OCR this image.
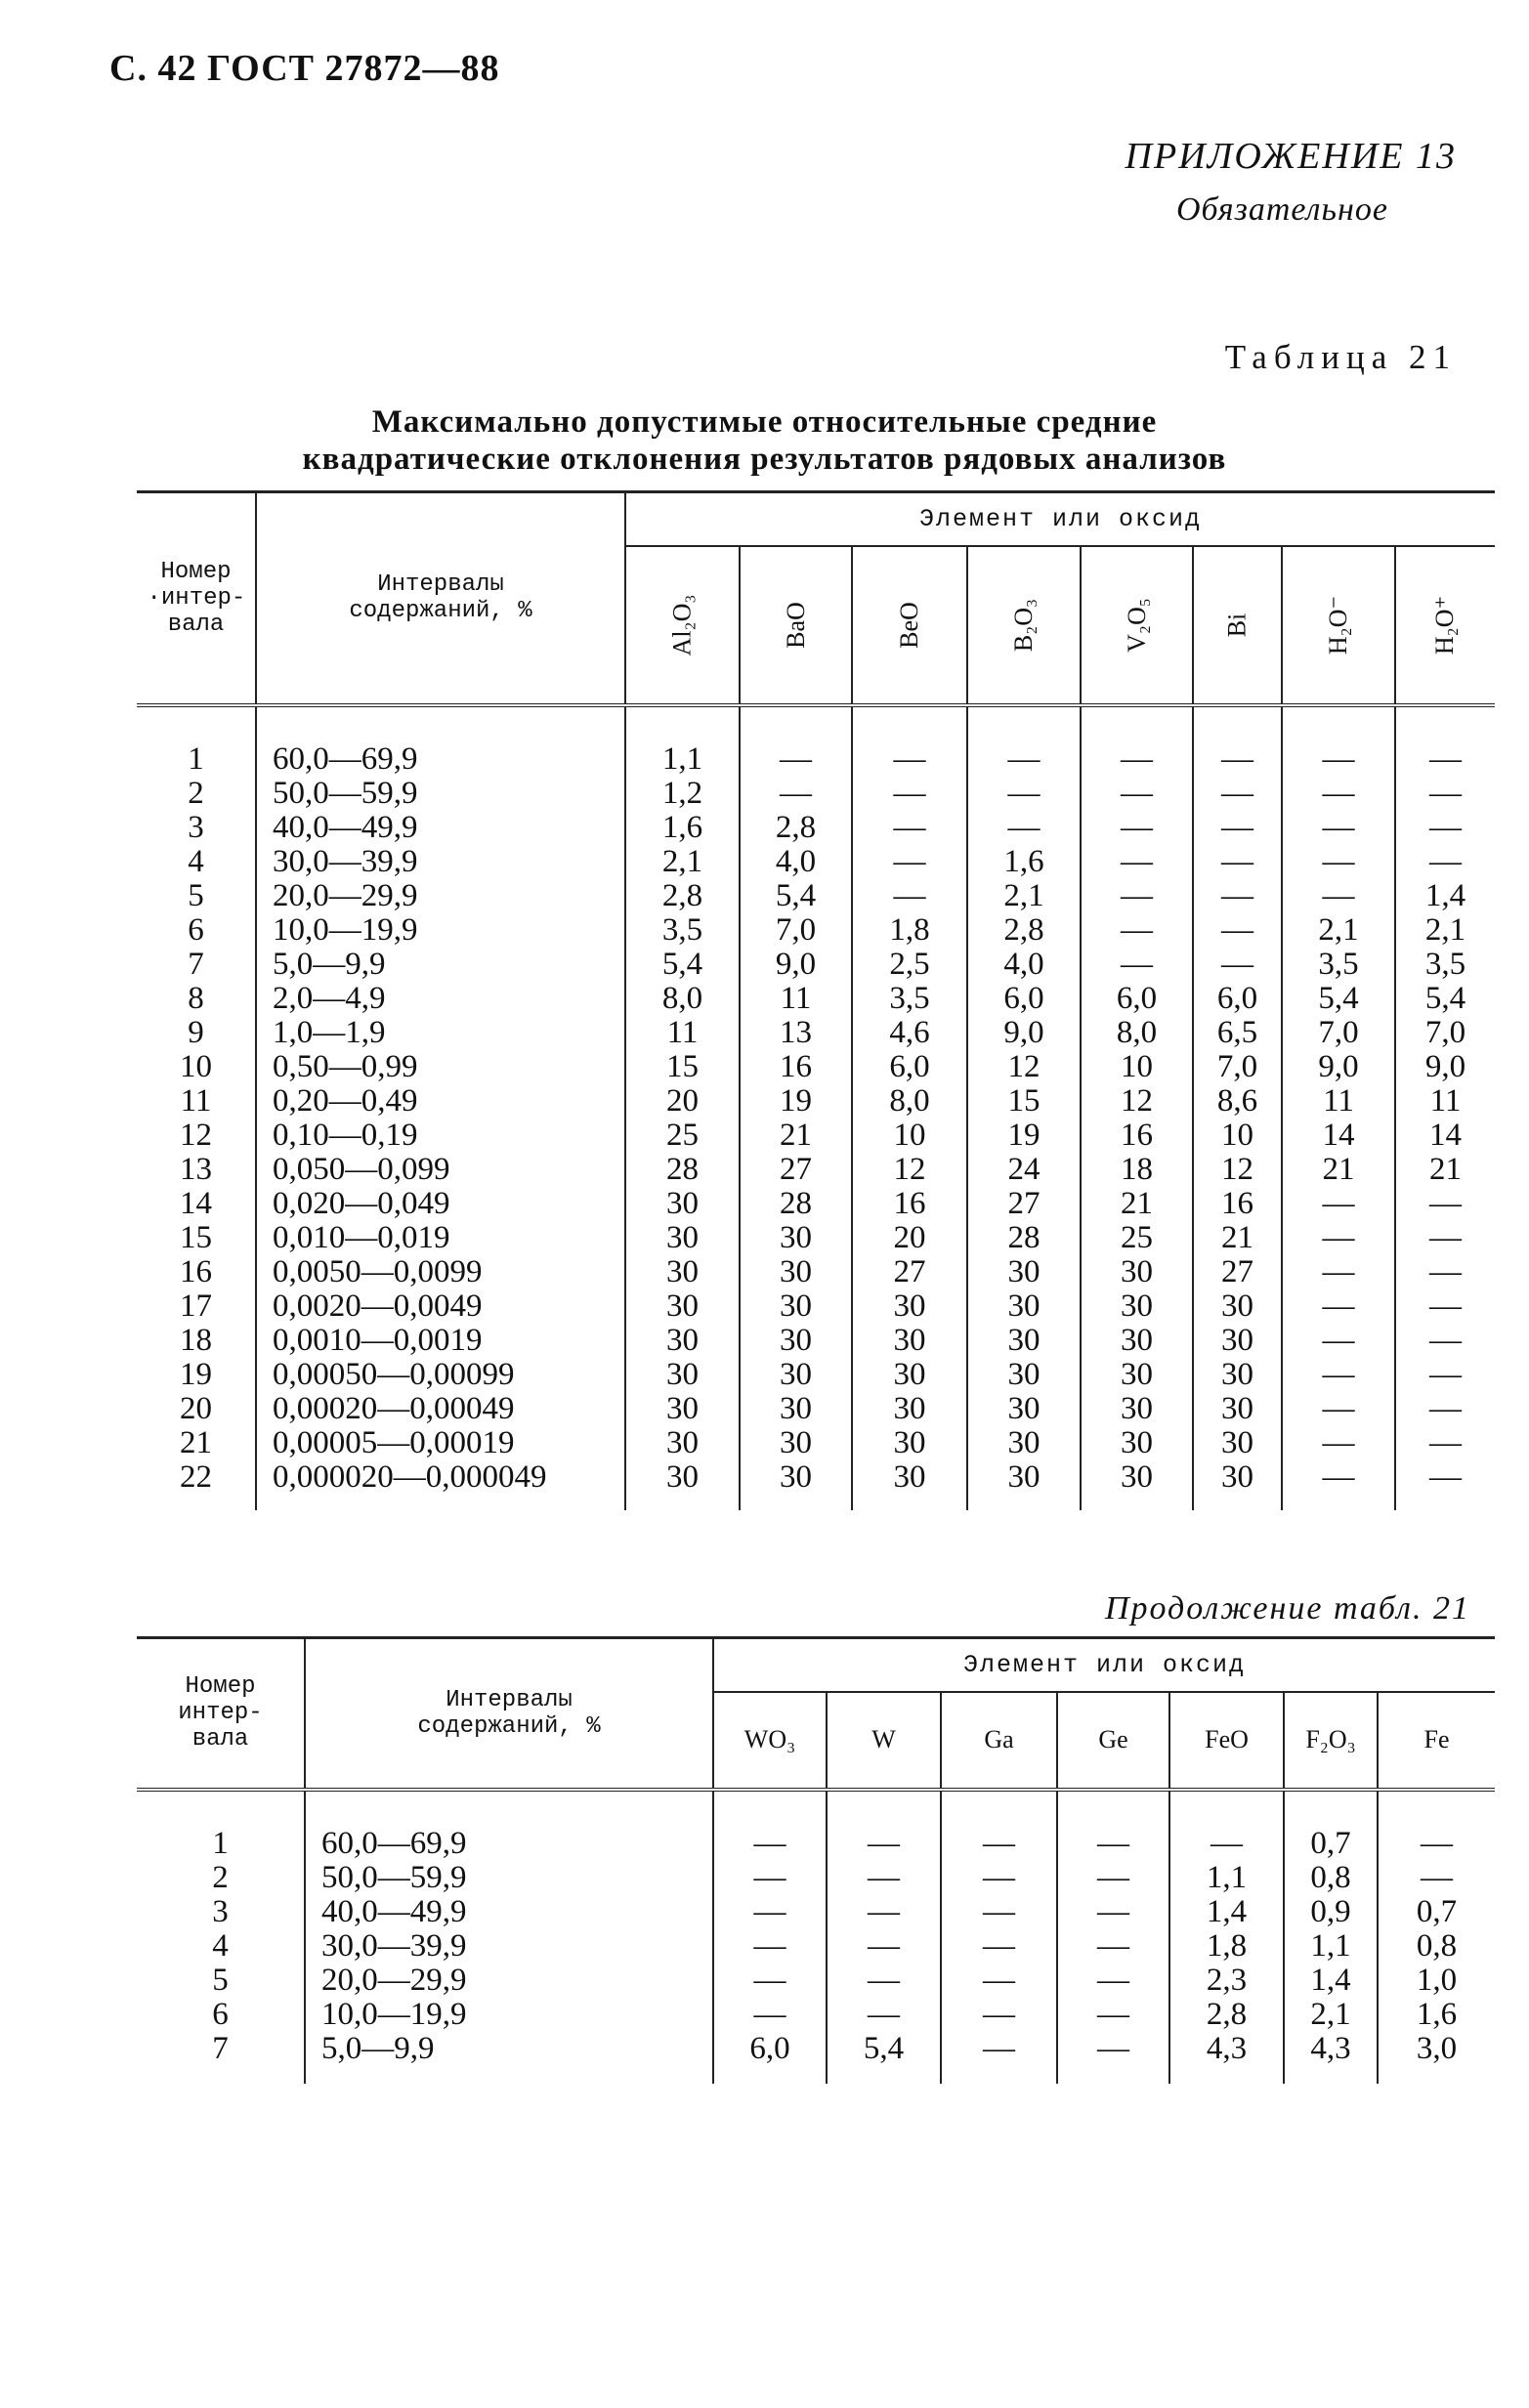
С. 42 ГОСТ 27872—88
ПРИЛОЖЕНИЕ 13
Обязательное
Таблица 21
Максимально допустимые относительные средние
квадратические отклонения результатов рядовых анализов
Номер ·интер- вала	Интервалы содержаний, %	Элемент или оксид							
		Al₂O₃	BaO	BeO	B₂O₃	V₂O₅	Bi	H₂O⁻	H₂O⁺
1	60,0—69,9	1,1	—	—	—	—	—	—	—
2	50,0—59,9	1,2	—	—	—	—	—	—	—
3	40,0—49,9	1,6	2,8	—	—	—	—	—	—
4	30,0—39,9	2,1	4,0	—	1,6	—	—	—	—
5	20,0—29,9	2,8	5,4	—	2,1	—	—	—	1,4
6	10,0—19,9	3,5	7,0	1,8	2,8	—	—	2,1	2,1
7	5,0—9,9	5,4	9,0	2,5	4,0	—	—	3,5	3,5
8	2,0—4,9	8,0	11	3,5	6,0	6,0	6,0	5,4	5,4
9	1,0—1,9	11	13	4,6	9,0	8,0	6,5	7,0	7,0
10	0,50—0,99	15	16	6,0	12	10	7,0	9,0	9,0
11	0,20—0,49	20	19	8,0	15	12	8,6	11	11
12	0,10—0,19	25	21	10	19	16	10	14	14
13	0,050—0,099	28	27	12	24	18	12	21	21
14	0,020—0,049	30	28	16	27	21	16	—	—
15	0,010—0,019	30	30	20	28	25	21	—	—
16	0,0050—0,0099	30	30	27	30	30	27	—	—
17	0,0020—0,0049	30	30	30	30	30	30	—	—
18	0,0010—0,0019	30	30	30	30	30	30	—	—
19	0,00050—0,00099	30	30	30	30	30	30	—	—
20	0,00020—0,00049	30	30	30	30	30	30	—	—
21	0,00005—0,00019	30	30	30	30	30	30	—	—
22	0,000020—0,000049	30	30	30	30	30	30	—	—

Продолжение табл. 21
Номер интер- вала	Интервалы содержаний, %	Элемент или оксид						
		WO₃	W	Ga	Ge	FeO	F₂O₃	Fe
1	60,0—69,9	—	—	—	—	—	0,7	—
2	50,0—59,9	—	—	—	—	1,1	0,8	—
3	40,0—49,9	—	—	—	—	1,4	0,9	0,7
4	30,0—39,9	—	—	—	—	1,8	1,1	0,8
5	20,0—29,9	—	—	—	—	2,3	1,4	1,0
6	10,0—19,9	—	—	—	—	2,8	2,1	1,6
7	5,0—9,9	6,0	5,4	—	—	4,3	4,3	3,0
